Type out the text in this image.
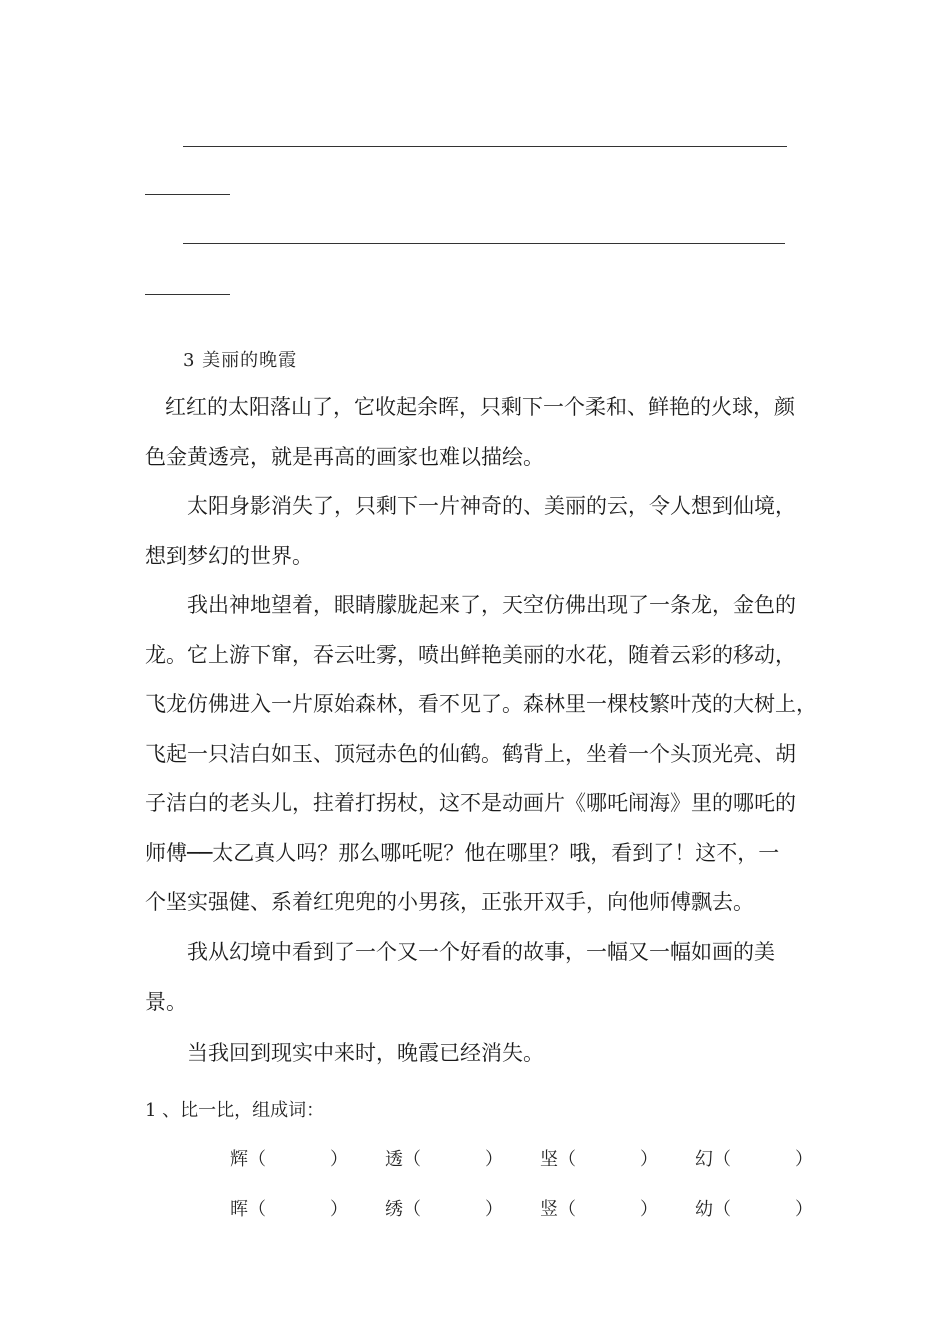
3 美丽的晚霞
红红的太阳落山了，它收起余晖，只剩下一个柔和、鲜艳的火球，颜
色金黄透亮，就是再高的画家也难以描绘。
太阳身影消失了，只剩下一片神奇的、美丽的云，令人想到仙境，
想到梦幻的世界。
我出神地望着，眼睛朦胧起来了，天空仿佛出现了一条龙，金色的
龙。它上游下窜，吞云吐雾，喷出鲜艳美丽的水花，随着云彩的移动，
飞龙仿佛进入一片原始森林，看不见了。森林里一棵枝繁叶茂的大树上，
飞起一只洁白如玉、顶冠赤色的仙鹤。鹤背上，坐着一个头顶光亮、胡
子洁白的老头儿，拄着打拐杖，这不是动画片《哪吒闹海》里的哪吒的
师傅──太乙真人吗？那么哪吒呢？他在哪里？哦，看到了！这不，一
个坚实强健、系着红兜兜的小男孩，正张开双手，向他师傅飘去。
我从幻境中看到了一个又一个好看的故事，一幅又一幅如画的美
景。
当我回到现实中来时，晚霞已经消失。
1 、比一比，组成词：
辉（	） 透（	） 坚（	） 幻（	）
晖（	） 绣（	） 竖（	） 幼（	）
